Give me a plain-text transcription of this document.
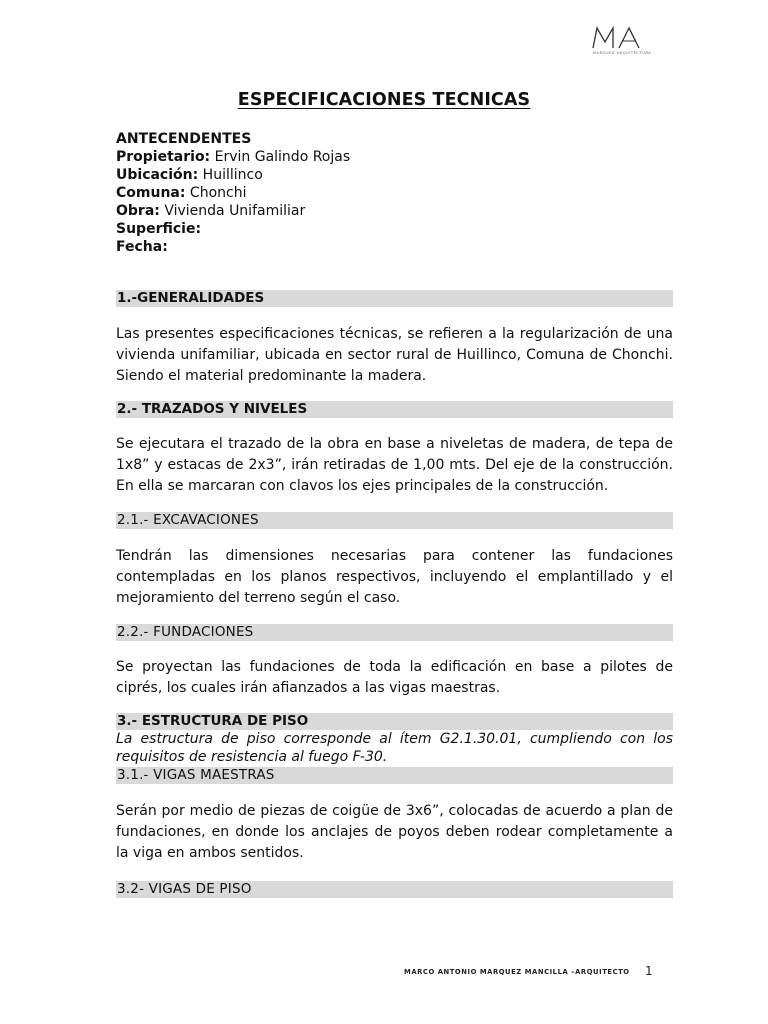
MARQUEZ ARQUITECTURA
ESPECIFICACIONES TECNICAS
ANTECENDENTES
Propietario: Ervin Galindo Rojas
Ubicación: Huillinco
Comuna: Chonchi
Obra: Vivienda Unifamiliar
Superficie:
Fecha:
1.-GENERALIDADES

Las presentes especificaciones técnicas, se refieren a la regularización de una vivienda unifamiliar, ubicada en sector rural de Huillinco, Comuna de Chonchi. Siendo el material predominante la madera.

2.- TRAZADOS Y NIVELES

Se ejecutara el trazado de la obra en base a niveletas de madera, de tepa de 1x8” y estacas de 2x3”, irán retiradas de 1,00 mts. Del eje de la construcción. En ella se marcaran con clavos los ejes principales de la construcción.

2.1.- EXCAVACIONES

Tendrán las dimensiones necesarias para contener las fundaciones contempladas en los planos respectivos, incluyendo el emplantillado y el mejoramiento del terreno según el caso.

2.2.- FUNDACIONES

Se proyectan las fundaciones de toda la edificación en base a pilotes de ciprés, los cuales irán afianzados a las vigas maestras.

3.- ESTRUCTURA DE PISO

La estructura de piso corresponde al ítem G2.1.30.01, cumpliendo con los requisitos de resistencia al fuego F-30.

3.1.- VIGAS MAESTRAS

Serán por medio de piezas de coigüe de 3x6”, colocadas de acuerdo a plan de fundaciones, en donde los anclajes de poyos deben rodear completamente a la viga en ambos sentidos.

3.2- VIGAS DE PISO
MARCO ANTONIO MARQUEZ MANCILLA –ARQUITECTO	1
